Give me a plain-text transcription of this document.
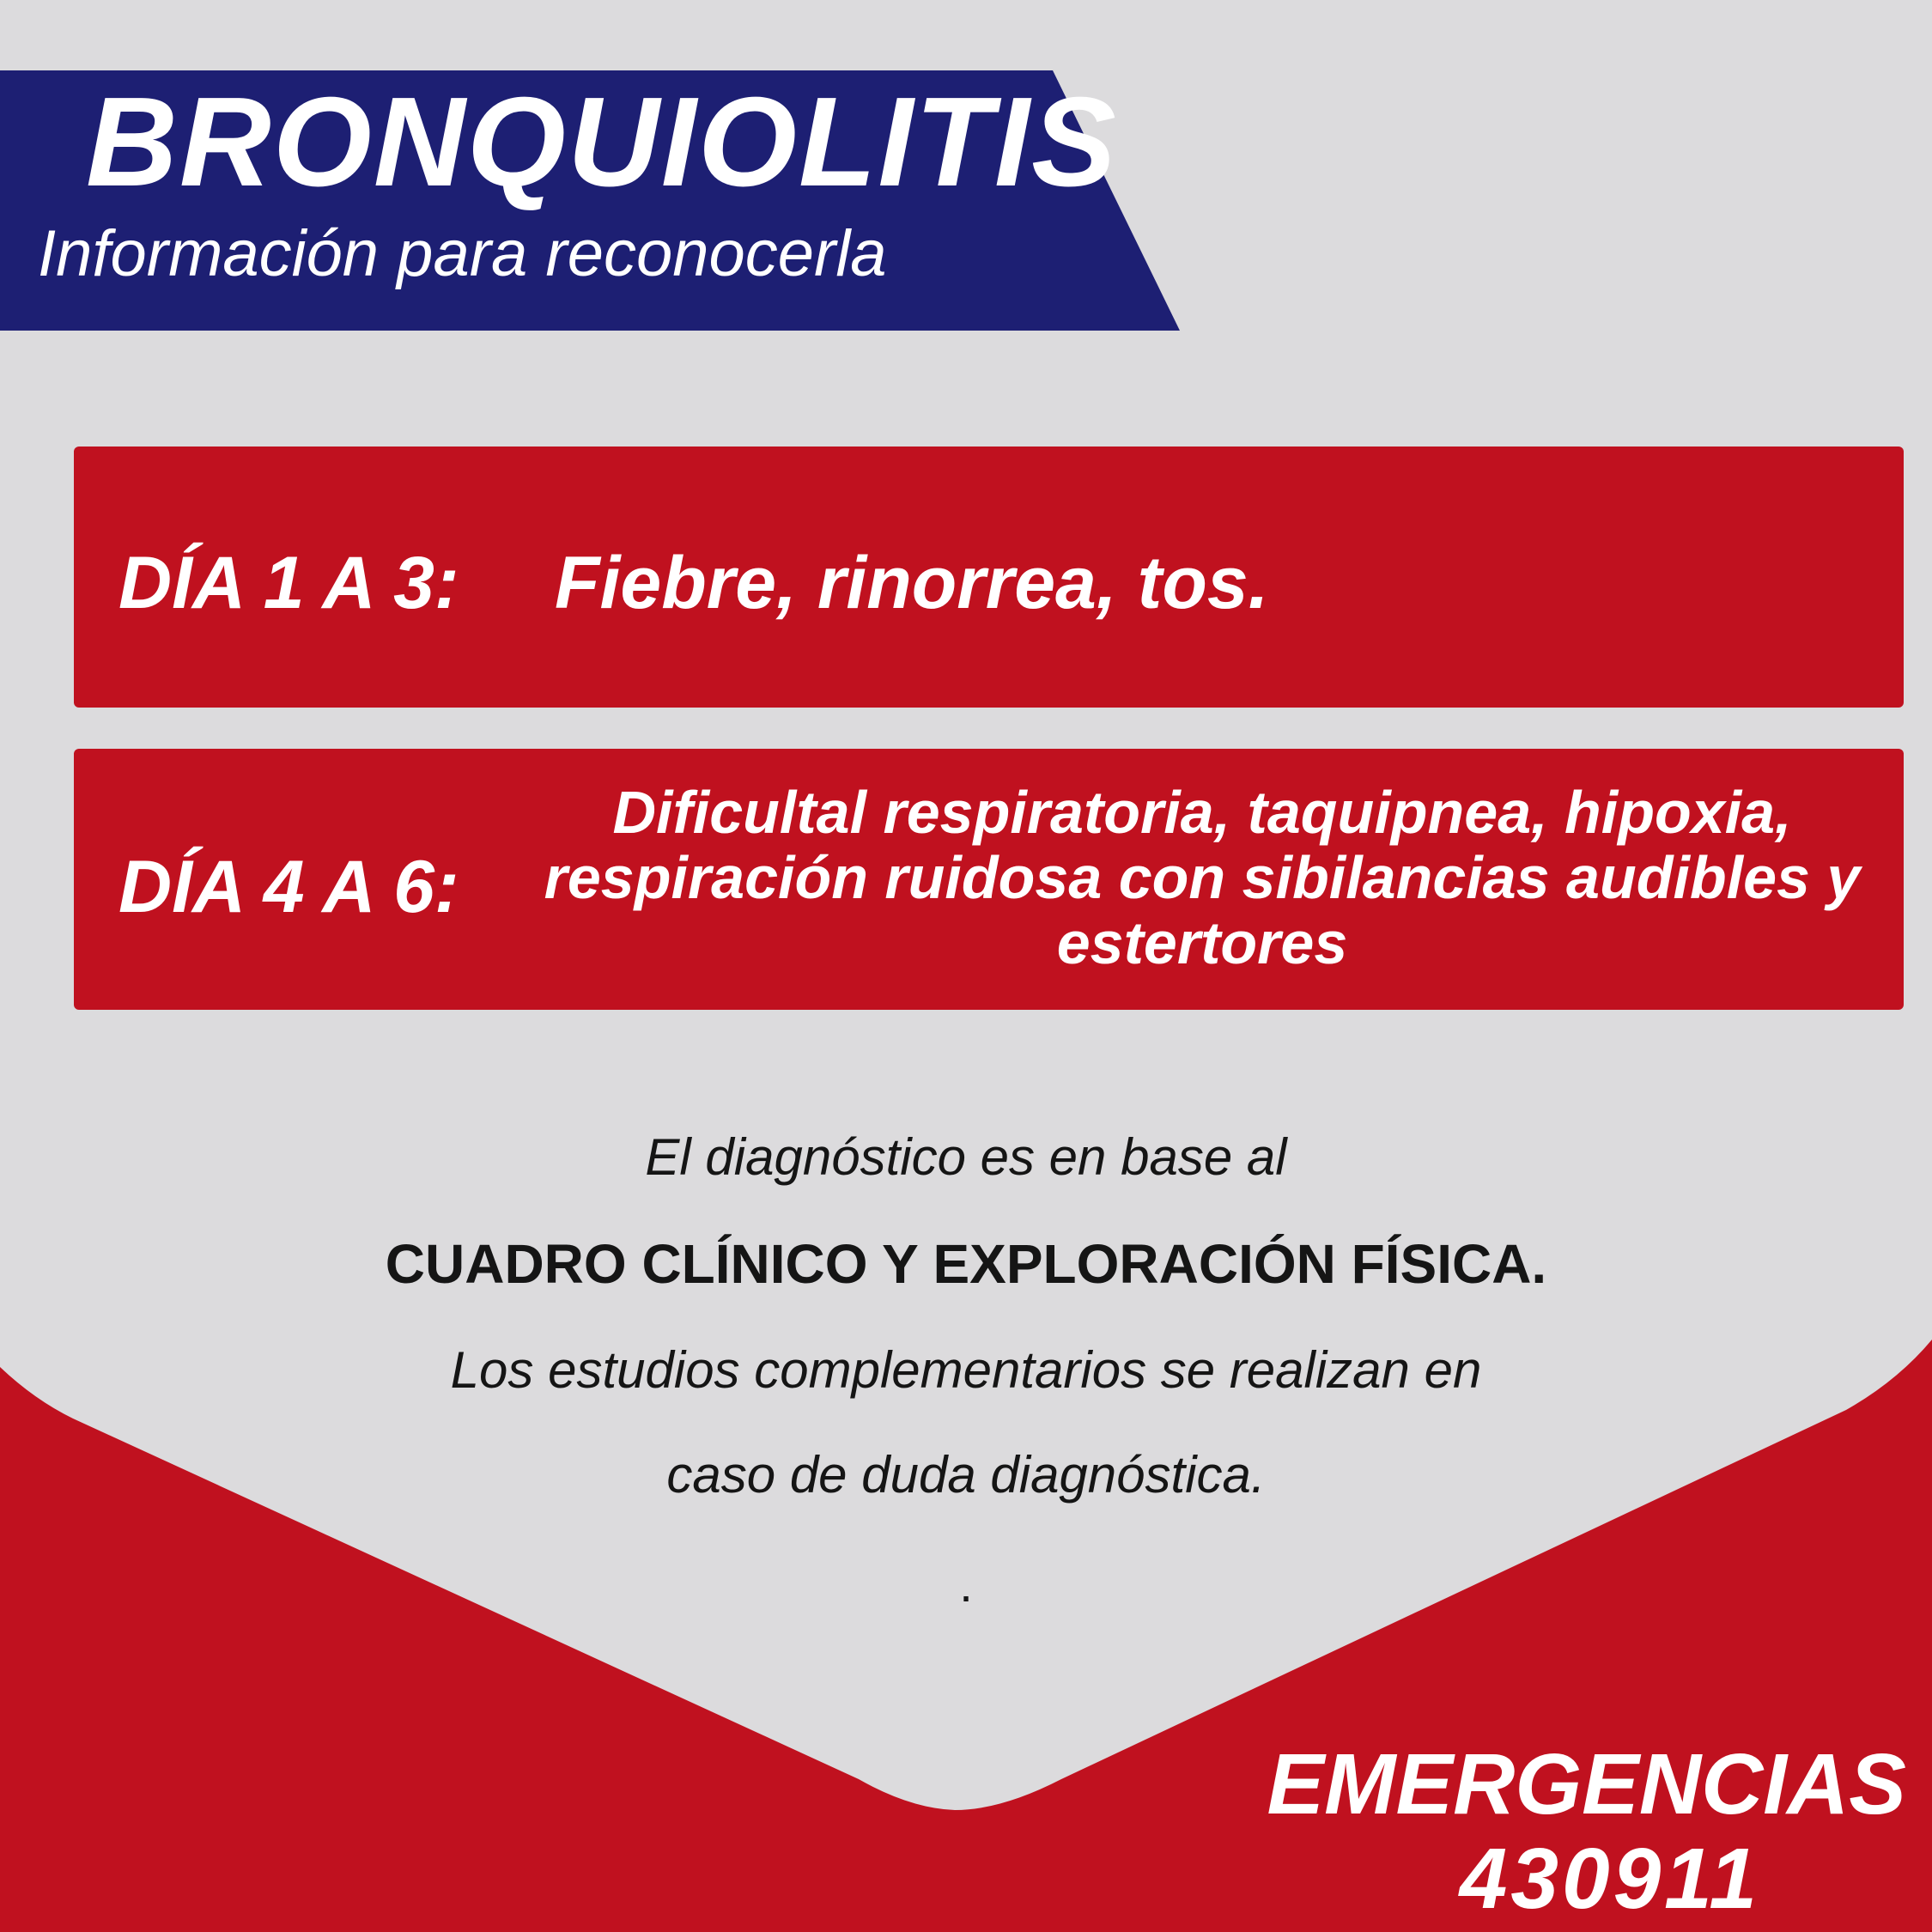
BRONQUIOLITIS
Información para reconocerla
DÍA 1 A 3: Fiebre, rinorrea, tos.
DÍA 4 A 6:
Dificultal respiratoria, taquipnea, hipoxia, respiración ruidosa con sibilancias audibles y estertores
El diagnóstico es en base al
CUADRO CLÍNICO Y EXPLORACIÓN FÍSICA.
Los estudios complementarios se realizan en
caso de duda diagnóstica.
.
EMERGENCIAS
430911
